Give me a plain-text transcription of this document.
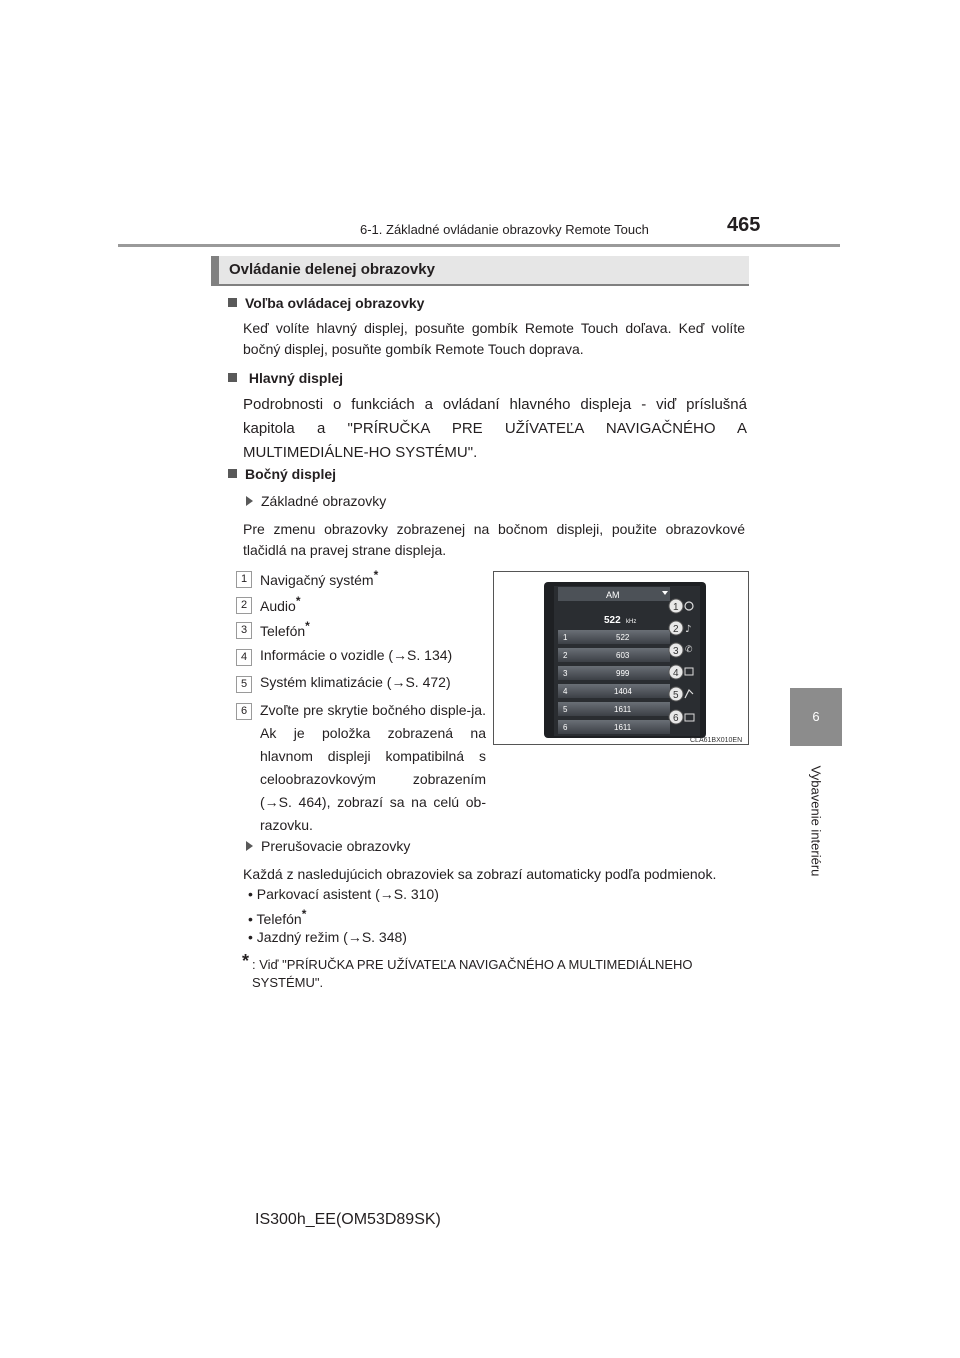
6-1. Základné ovládanie obrazovky Remote Touch	465
6
Vybavenie interiéru
Ovládanie delenej obrazovky
Voľba ovládacej obrazovky
Keď volíte hlavný displej, posuňte gombík Remote Touch doľava. Keď volíte bočný displej, posuňte gombík Remote Touch doprava.
Hlavný displej
Podrobnosti o funkciách a ovládaní hlavného displeja - viď príslušná kapitola a "PRÍRUČKA PRE UŽÍVATEĽA NAVIGAČNÉHO A MULTIMEDIÁLNE-HO SYSTÉMU".
Bočný displej
Základné obrazovky
Pre zmenu obrazovky zobrazenej na bočnom displeji, použite obrazovkové tlačidlá na pravej strane displeja.
1 Navigačný systém*
2 Audio*
3 Telefón*
4 Informácie o vozidle (→S. 134)
5 Systém klimatizácie (→S. 472)
6 Zvoľte pre skrytie bočného disple-ja. Ak je položka zobrazená na hlavnom displeji kompatibilná s celoobrazovkovým zobrazením (→S. 464), zobrazí sa na celú ob-razovku.
AM
522 kHz
1	522
2	603
3	999
4	1404
5	1611
6	1611
♪
✆
1
2
3
4
5
6
CLA61BX010EN
Prerušovacie obrazovky
Každá z nasledujúcich obrazoviek sa zobrazí automaticky podľa podmienok.
• Parkovací asistent (→S. 310)
• Telefón*
• Jazdný režim (→S. 348)
* : Viď "PRÍRUČKA PRE UŽÍVATEĽA NAVIGAČNÉHO A MULTIMEDIÁLNEHO SYSTÉMU".
IS300h_EE(OM53D89SK)
